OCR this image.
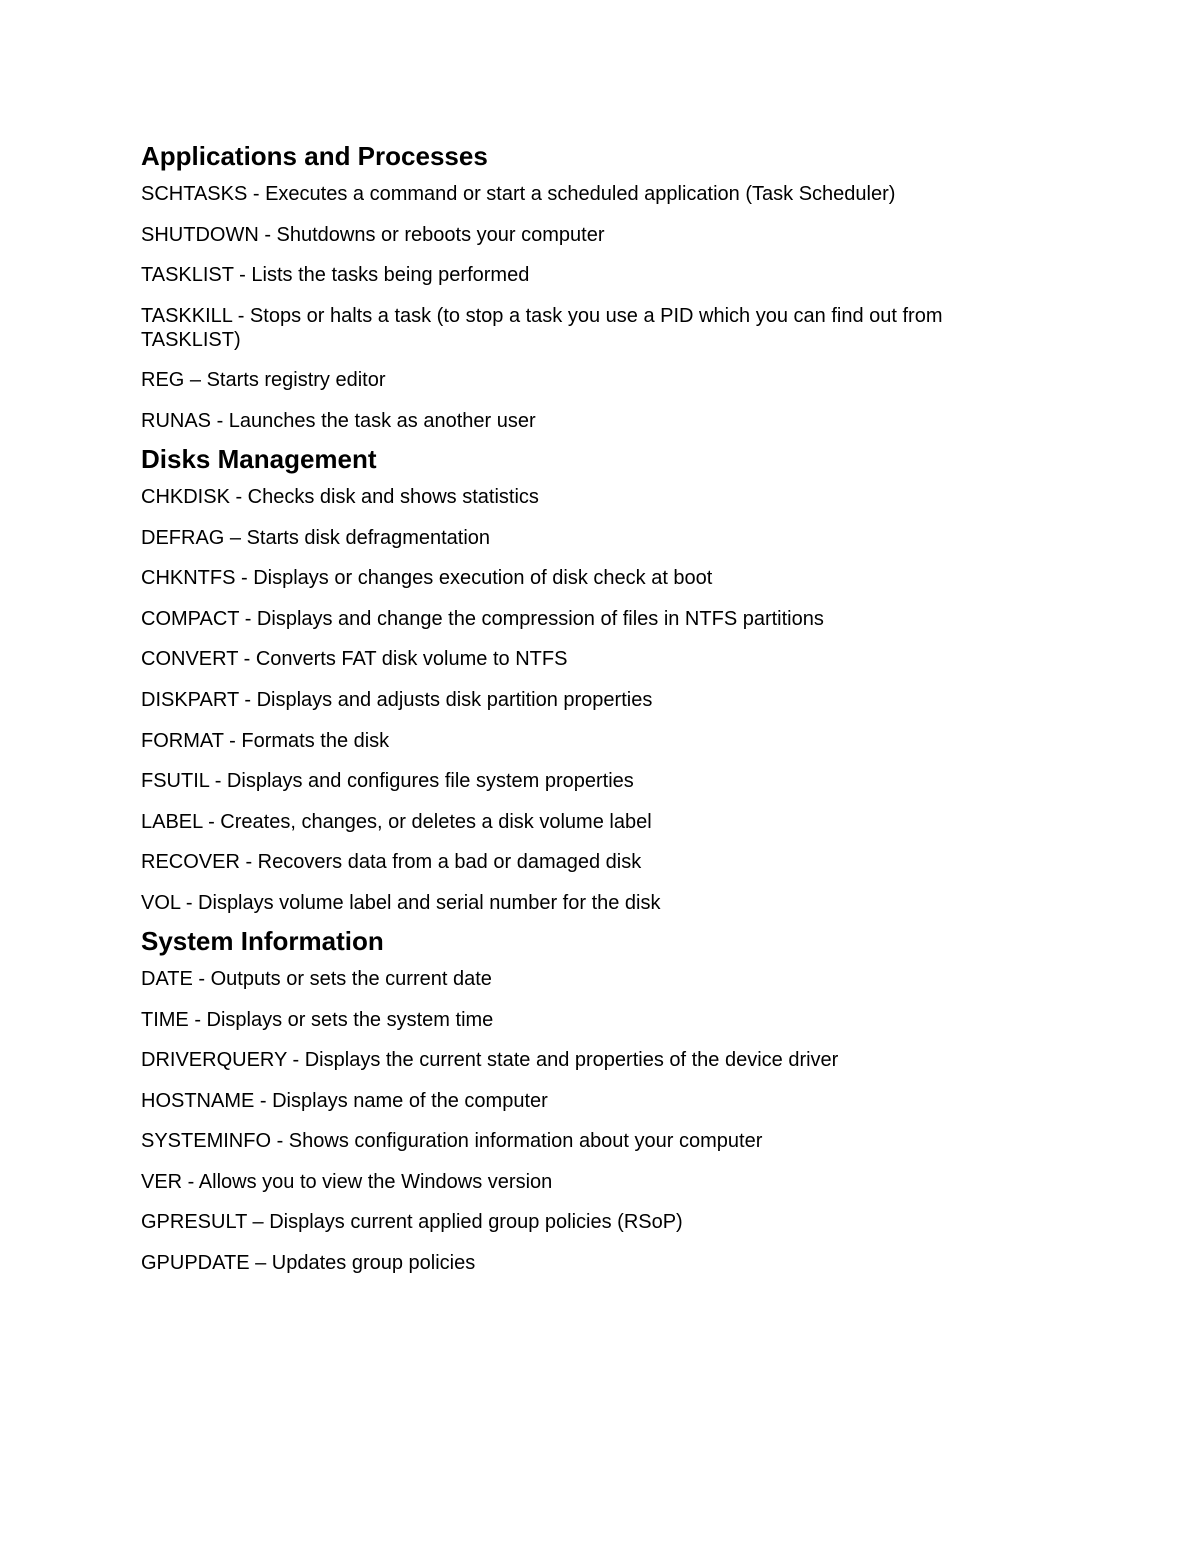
Applications and Processes

SCHTASKS - Executes a command or start a scheduled application (Task Scheduler)

SHUTDOWN - Shutdowns or reboots your computer

TASKLIST - Lists the tasks being performed

TASKKILL - Stops or halts a task (to stop a task you use a PID which you can find out from TASKLIST)

REG – Starts registry editor

RUNAS - Launches the task as another user

Disks Management

CHKDISK - Checks disk and shows statistics

DEFRAG – Starts disk defragmentation

CHKNTFS - Displays or changes execution of disk check at boot

COMPACT - Displays and change the compression of files in NTFS partitions

CONVERT - Converts FAT disk volume to NTFS

DISKPART - Displays and adjusts disk partition properties

FORMAT - Formats the disk

FSUTIL - Displays and configures file system properties

LABEL - Creates, changes, or deletes a disk volume label

RECOVER - Recovers data from a bad or damaged disk

VOL - Displays volume label and serial number for the disk

System Information

DATE - Outputs or sets the current date

TIME - Displays or sets the system time

DRIVERQUERY - Displays the current state and properties of the device driver

HOSTNAME - Displays name of the computer

SYSTEMINFO - Shows configuration information about your computer

VER - Allows you to view the Windows version

GPRESULT – Displays current applied group policies (RSoP)

GPUPDATE – Updates group policies
